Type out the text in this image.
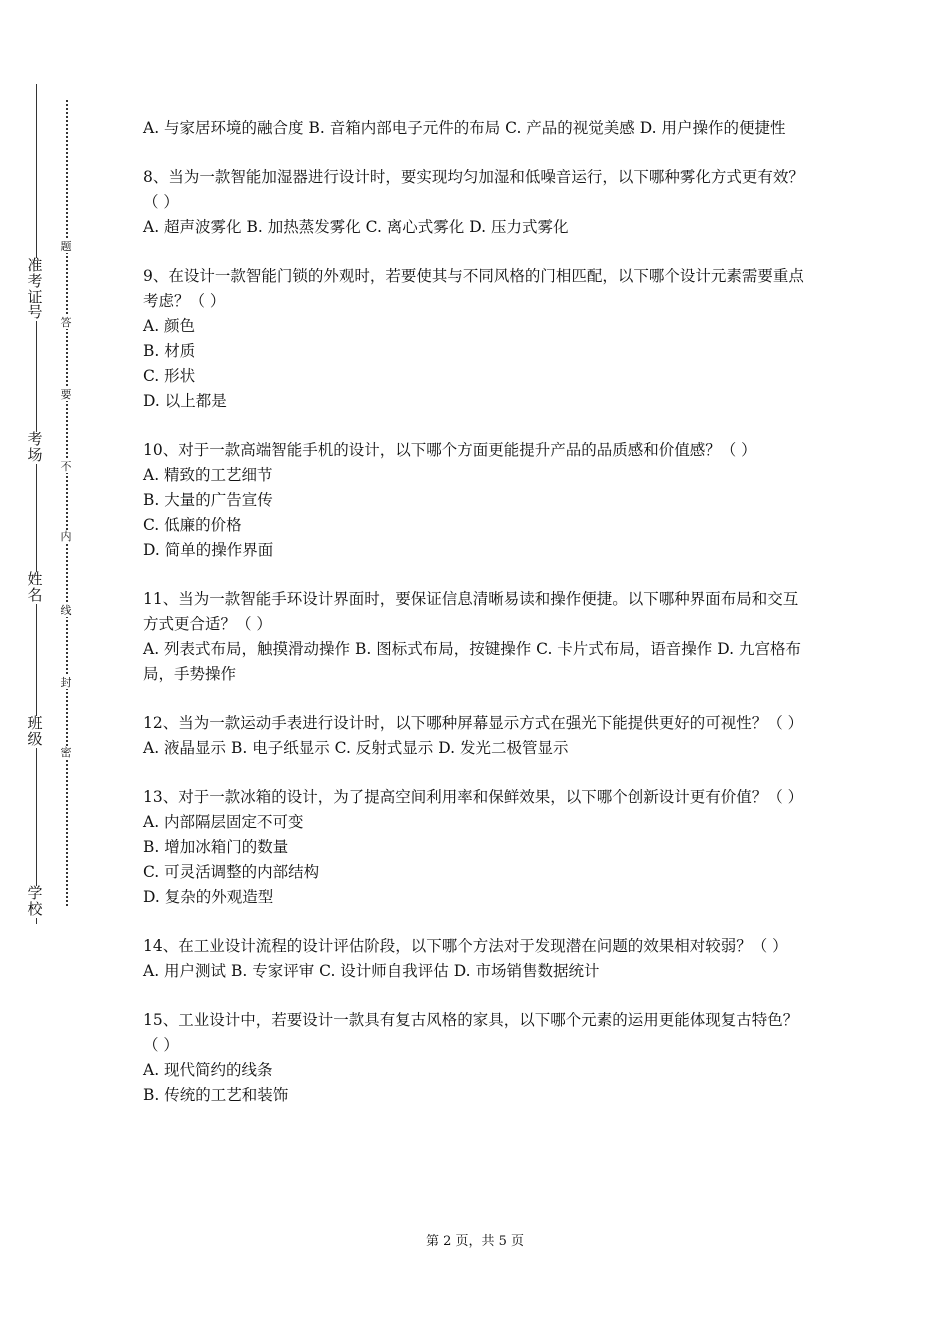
准
考
证
号
考
场
姓
名
班
级
学
校
题
答
要
不
内
线
封
密

A. 与家居环境的融合度 B. 音箱内部电子元件的布局 C. 产品的视觉美感 D. 用户操作的便捷性

8、当为一款智能加湿器进行设计时，要实现均匀加湿和低噪音运行，以下哪种雾化方式更有效？（ ）

A. 超声波雾化 B. 加热蒸发雾化 C. 离心式雾化 D. 压力式雾化

9、在设计一款智能门锁的外观时，若要使其与不同风格的门相匹配，以下哪个设计元素需要重点考虑？（ ）

A. 颜色

B. 材质

C. 形状

D. 以上都是

10、对于一款高端智能手机的设计，以下哪个方面更能提升产品的品质感和价值感？（ ）

A. 精致的工艺细节

B. 大量的广告宣传

C. 低廉的价格

D. 简单的操作界面

11、当为一款智能手环设计界面时，要保证信息清晰易读和操作便捷。以下哪种界面布局和交互方式更合适？（ ）

A. 列表式布局，触摸滑动操作 B. 图标式布局，按键操作 C. 卡片式布局，语音操作 D. 九宫格布局，手势操作

12、当为一款运动手表进行设计时，以下哪种屏幕显示方式在强光下能提供更好的可视性？（ ）

A. 液晶显示 B. 电子纸显示 C. 反射式显示 D. 发光二极管显示

13、对于一款冰箱的设计，为了提高空间利用率和保鲜效果，以下哪个创新设计更有价值？（ ）

A. 内部隔层固定不可变

B. 增加冰箱门的数量

C. 可灵活调整的内部结构

D. 复杂的外观造型

14、在工业设计流程的设计评估阶段，以下哪个方法对于发现潜在问题的效果相对较弱？（ ）

A. 用户测试 B. 专家评审 C. 设计师自我评估 D. 市场销售数据统计

15、工业设计中，若要设计一款具有复古风格的家具，以下哪个元素的运用更能体现复古特色？（ ）

A. 现代简约的线条

B. 传统的工艺和装饰

第 2 页，共 5 页
